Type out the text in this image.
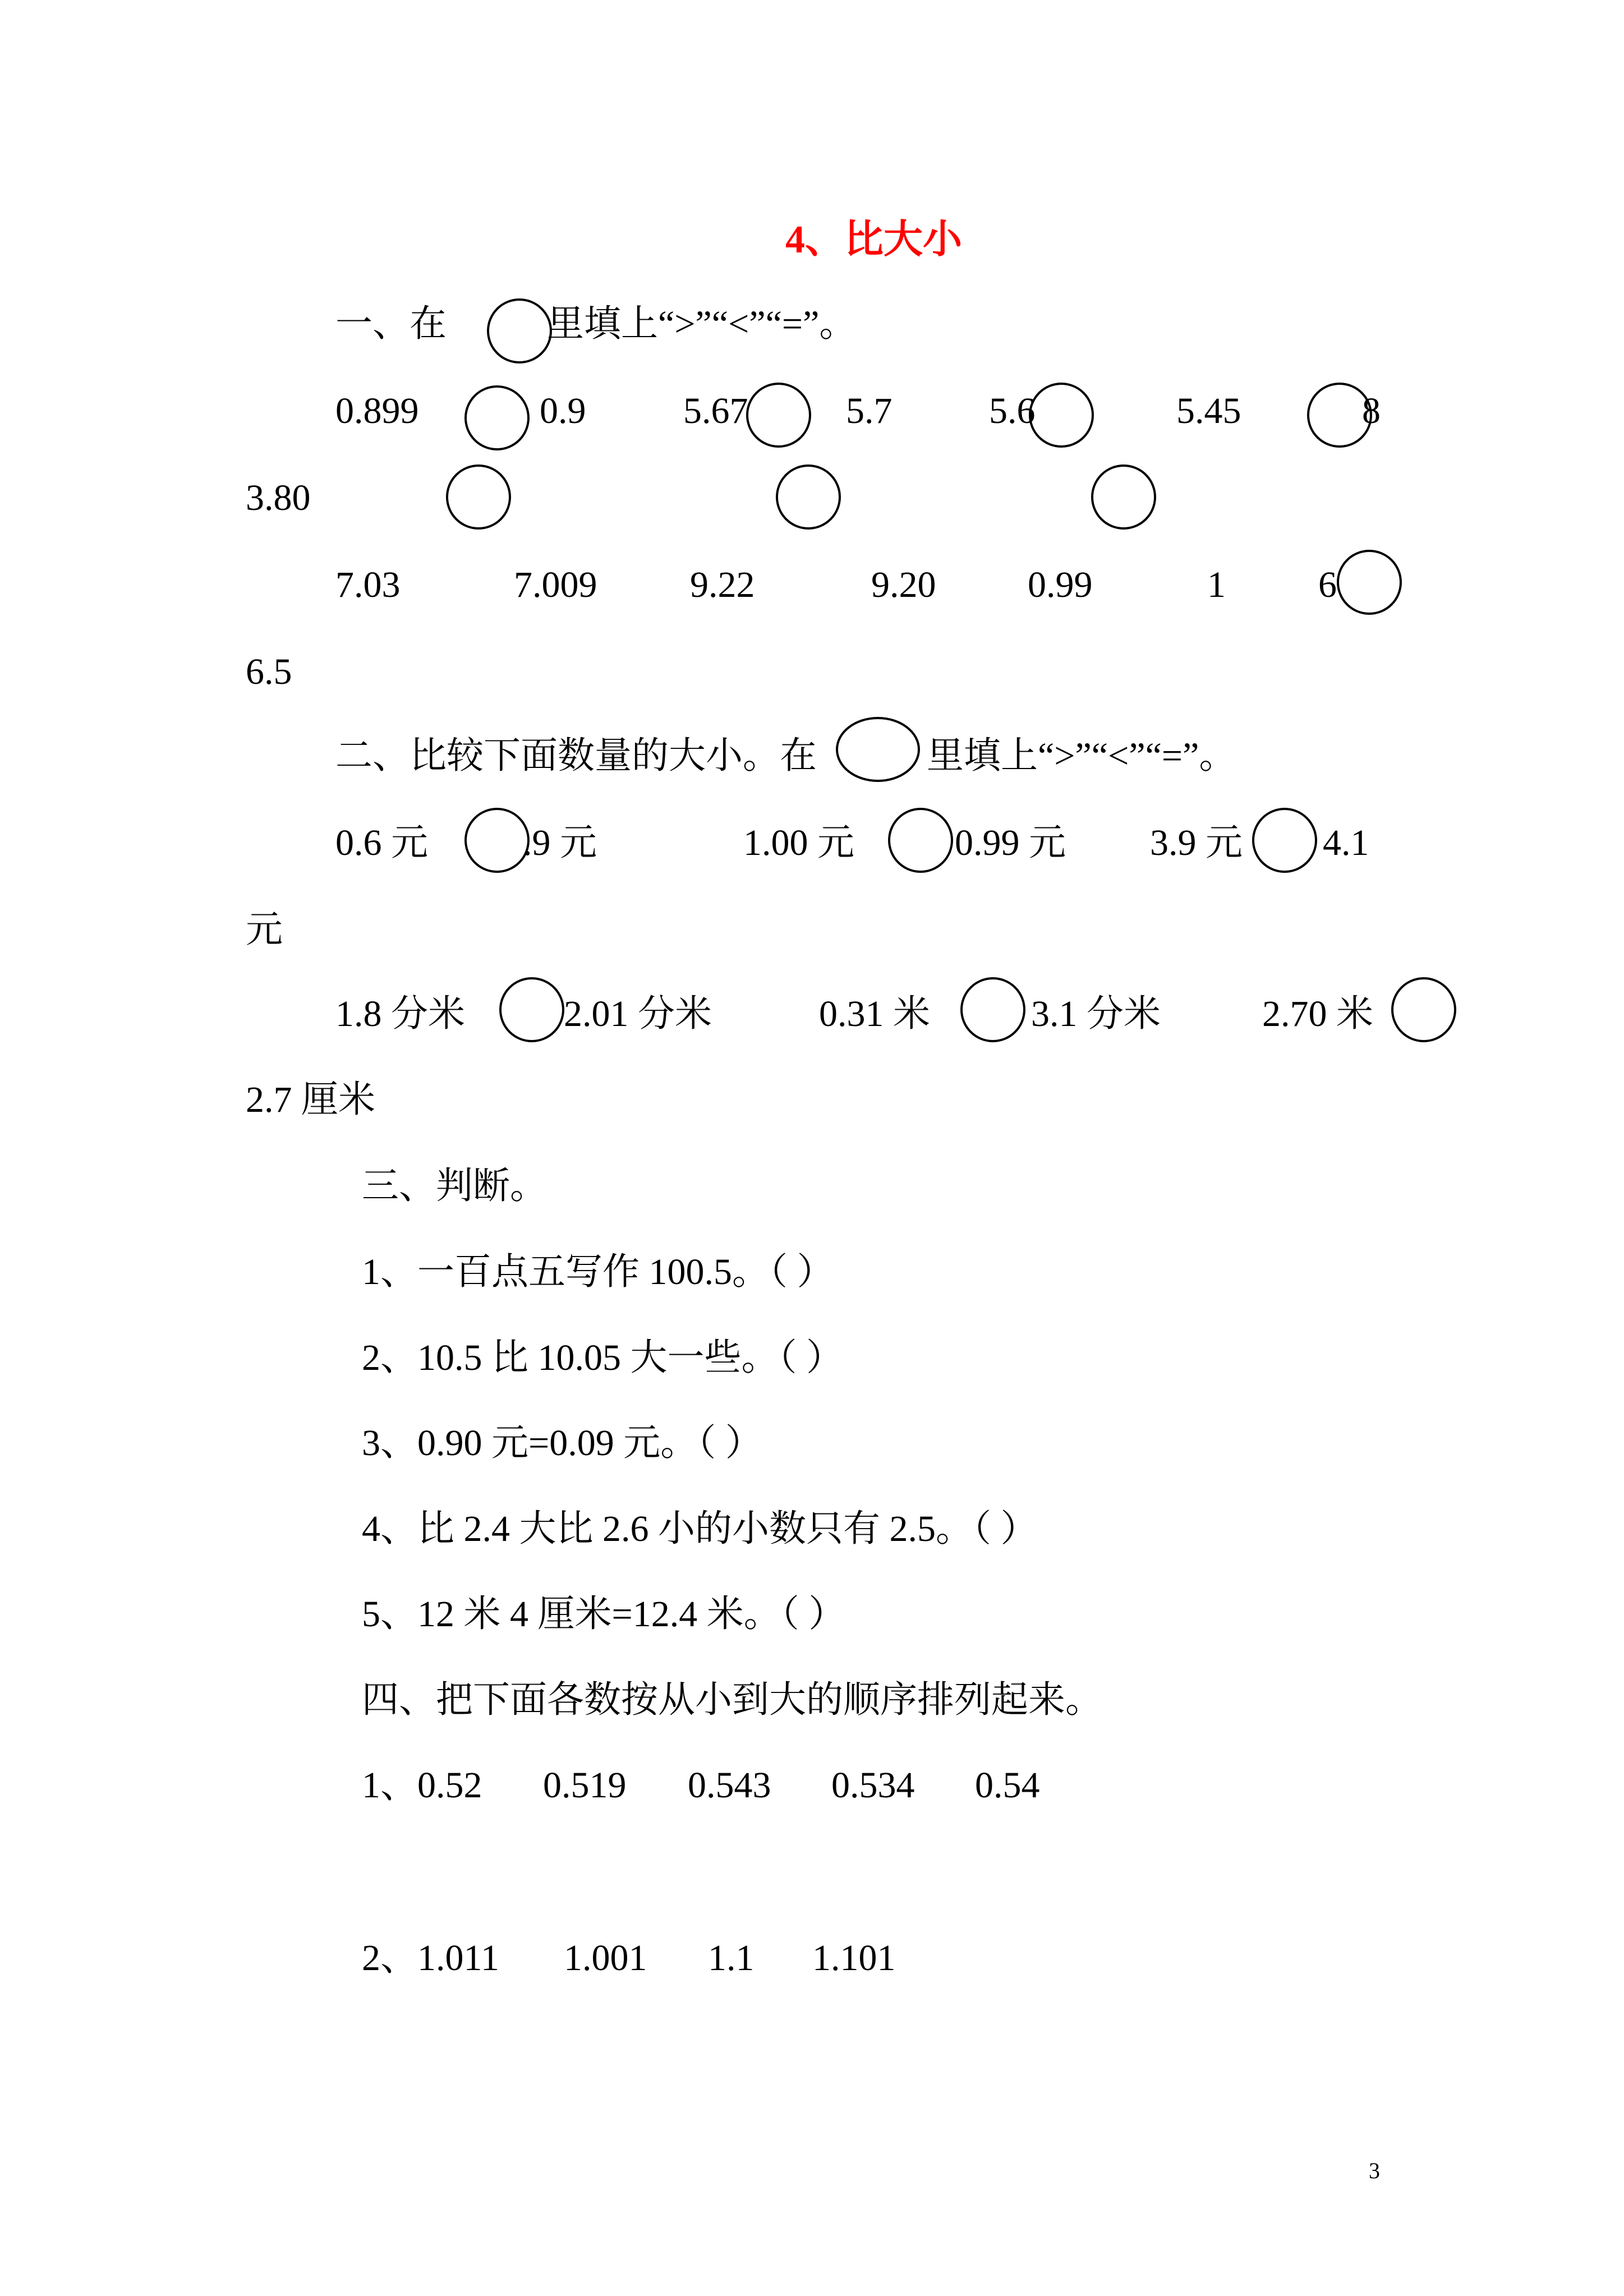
4、比大小
一、在	里填上“>”“<”“=”。
0.899	0.9	5.67	5.7	5.6	5.45	8
3.80
7.03	7.009	9.22	9.20 0.99	1	6
6.5
二、比较下面数量的大小。在	里填上“>”“<”“=”。
0.6 元	.9 元	1.00 元	0.99 元 3.9 元 4.1
元
1.8 分米	2.01 分米	0.31 米	3.1 分米	2.70 米
2.7 厘米
三、判断。
1、一百点五写作 100.5。（ ）
2、10.5 比 10.05 大一些。（ ）
3、0.90 元=0.09 元。（ ）
4、比 2.4 大比 2.6 小的小数只有 2.5。（ ）
5、12 米 4 厘米=12.4 米。（ ）
四、把下面各数按从小到大的顺序排列起来。
1、0.52 0.519 0.543 0.534 0.54
2、1.011 1.001 1.1 1.101
3
